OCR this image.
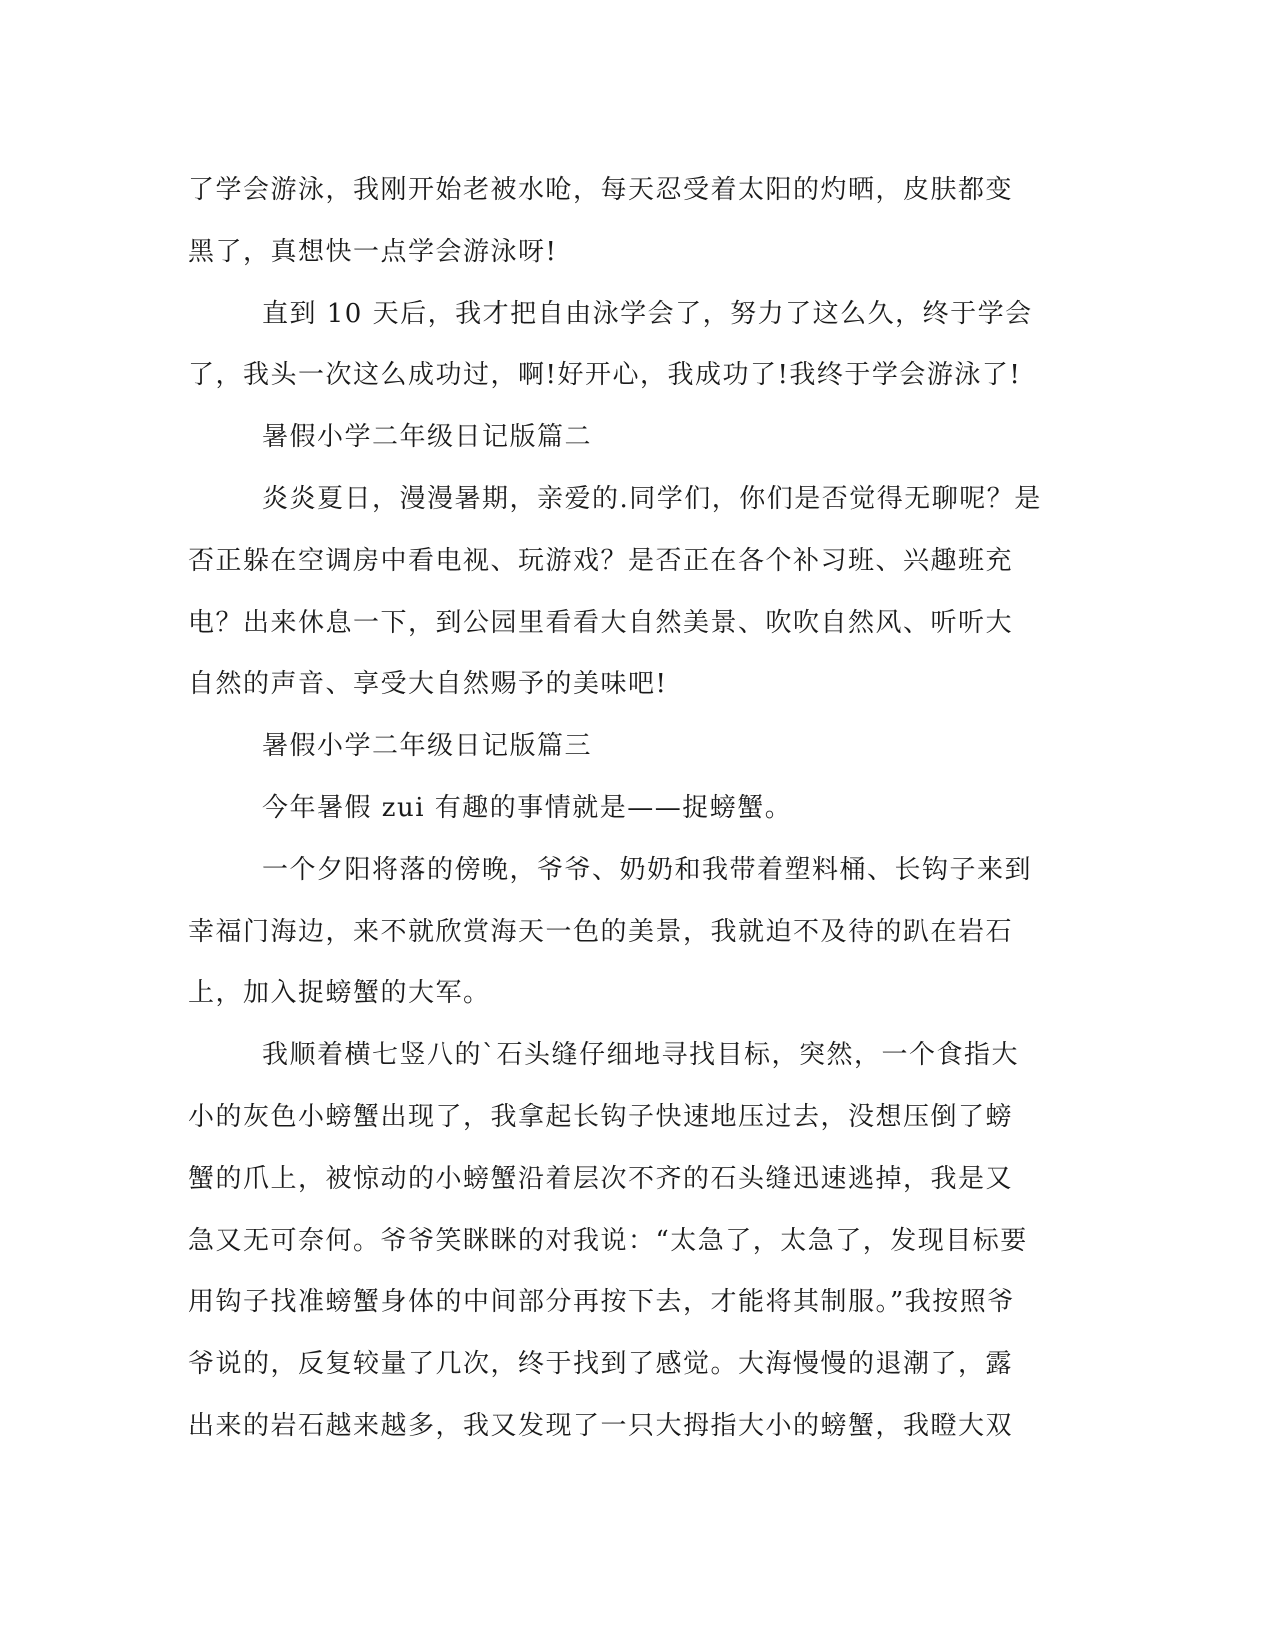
了学会游泳，我刚开始老被水呛，每天忍受着太阳的灼晒，皮肤都变
黑了，真想快一点学会游泳呀!
直到 10 天后，我才把自由泳学会了，努力了这么久，终于学会
了，我头一次这么成功过，啊!好开心，我成功了!我终于学会游泳了!
暑假小学二年级日记版篇二
炎炎夏日，漫漫暑期，亲爱的.同学们，你们是否觉得无聊呢？是
否正躲在空调房中看电视、玩游戏？是否正在各个补习班、兴趣班充
电？出来休息一下，到公园里看看大自然美景、吹吹自然风、听听大
自然的声音、享受大自然赐予的美味吧!
暑假小学二年级日记版篇三
今年暑假 zui 有趣的事情就是——捉螃蟹。
一个夕阳将落的傍晚，爷爷、奶奶和我带着塑料桶、长钩子来到
幸福门海边，来不就欣赏海天一色的美景，我就迫不及待的趴在岩石
上，加入捉螃蟹的大军。
我顺着横七竖八的`石头缝仔细地寻找目标，突然，一个食指大
小的灰色小螃蟹出现了，我拿起长钩子快速地压过去，没想压倒了螃
蟹的爪上，被惊动的小螃蟹沿着层次不齐的石头缝迅速逃掉，我是又
急又无可奈何。爷爷笑眯眯的对我说：“太急了，太急了，发现目标要
用钩子找准螃蟹身体的中间部分再按下去，才能将其制服。”我按照爷
爷说的，反复较量了几次，终于找到了感觉。大海慢慢的退潮了，露
出来的岩石越来越多，我又发现了一只大拇指大小的螃蟹，我瞪大双
